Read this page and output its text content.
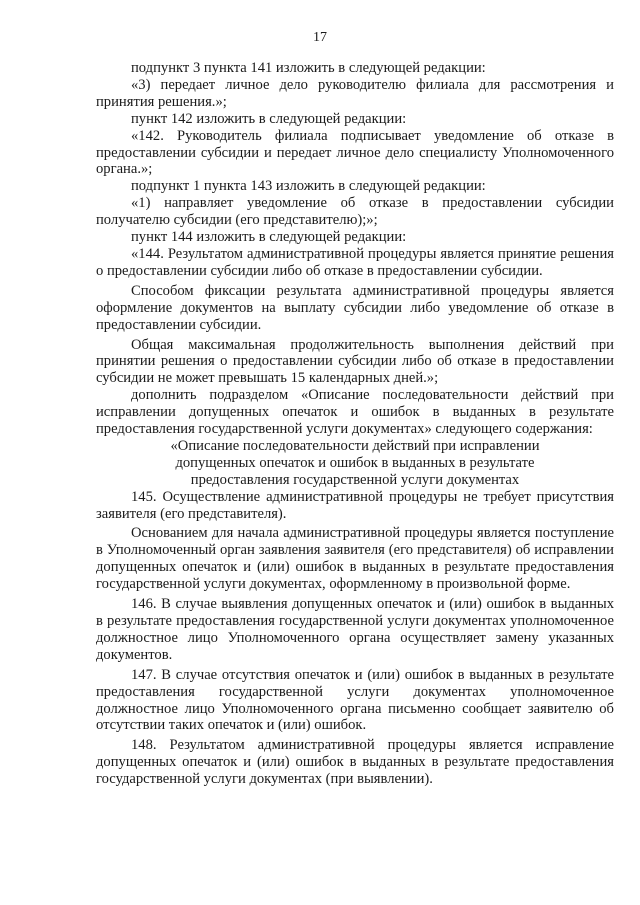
17

подпункт 3 пункта 141 изложить в следующей редакции:

«3) передает личное дело руководителю филиала для рассмотрения и принятия решения.»;

пункт 142 изложить в следующей редакции:

«142. Руководитель филиала подписывает уведомление об отказе в предоставлении субсидии и передает личное дело специалисту Уполномоченного органа.»;

подпункт 1 пункта 143 изложить в следующей редакции:

«1) направляет уведомление об отказе в предоставлении субсидии получателю субсидии (его представителю);»;

пункт 144 изложить в следующей редакции:

«144. Результатом административной процедуры является принятие решения о предоставлении субсидии либо об отказе в предоставлении субсидии.

Способом фиксации результата административной процедуры является оформление документов на выплату субсидии либо уведомление об отказе в предоставлении субсидии.

Общая максимальная продолжительность выполнения действий при принятии решения о предоставлении субсидии либо об отказе в предоставлении субсидии не может превышать 15 календарных дней.»;

дополнить подразделом «Описание последовательности действий при исправлении допущенных опечаток и ошибок в выданных в результате предоставления государственной услуги документах» следующего содержания:

«Описание последовательности действий при исправлении
допущенных опечаток и ошибок в выданных в результате
предоставления государственной услуги документах

145. Осуществление административной процедуры не требует присутствия заявителя (его представителя).

Основанием для начала административной процедуры является поступление в Уполномоченный орган заявления заявителя (его представителя) об исправлении допущенных опечаток и (или) ошибок в выданных в результате предоставления государственной услуги документах, оформленному в произвольной форме.

146. В случае выявления допущенных опечаток и (или) ошибок в выданных в результате предоставления государственной услуги документах уполномоченное должностное лицо Уполномоченного органа осуществляет замену указанных документов.

147. В случае отсутствия опечаток и (или) ошибок в выданных в результате предоставления государственной услуги документах уполномоченное должностное лицо Уполномоченного органа письменно сообщает заявителю об отсутствии таких опечаток и (или) ошибок.

148. Результатом административной процедуры является исправление допущенных опечаток и (или) ошибок в выданных в результате предоставления государственной услуги документах (при выявлении).
